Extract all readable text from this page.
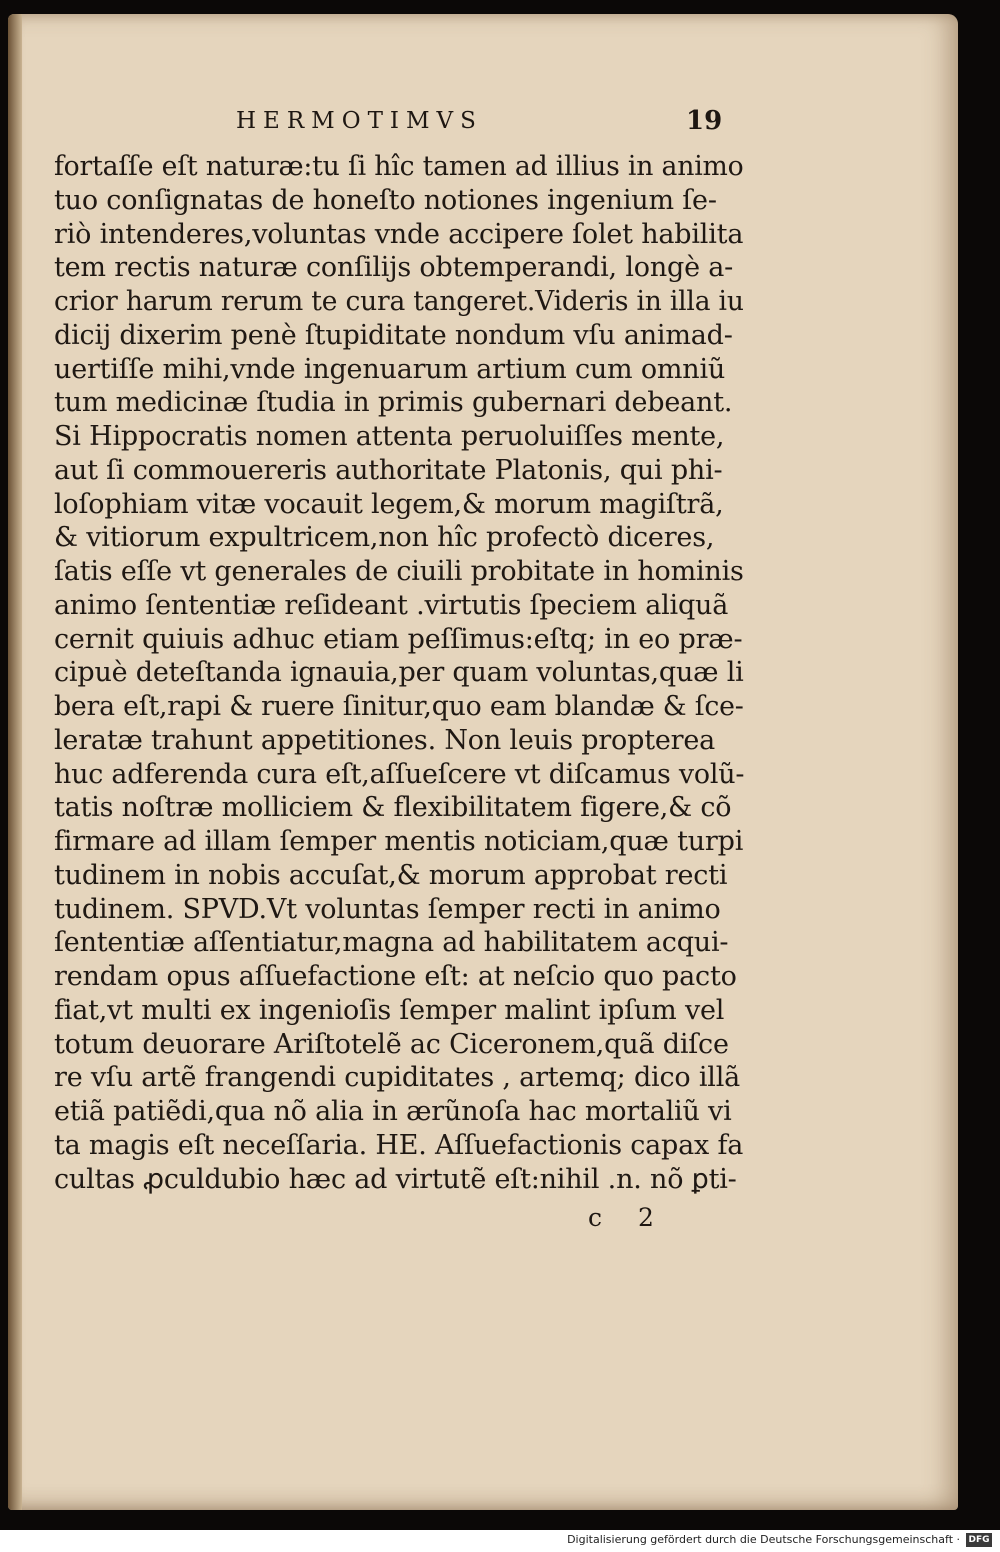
HERMOTIMVS	19
fortaſſe eſt naturæ:tu ſi hîc tamen ad illius in animo
tuo conſignatas de honeſto notiones ingenium ſe-
riò intenderes,voluntas vnde accipere ſolet habilita
tem rectis naturæ conſilijs obtemperandi, longè a-
crior harum rerum te cura tangeret.Videris in illa iu
dicij dixerim penè ſtupiditate nondum vſu animad-
uertiſſe mihi,vnde ingenuarum artium cum omniũ
tum medicinæ ſtudia in primis gubernari debeant.
Si Hippocratis nomen attenta peruoluiſſes mente,
aut ſi commouereris authoritate Platonis, qui phi-
loſophiam vitæ vocauit legem,& morum magiſtrã,
& vitiorum expultricem,non hîc profectò diceres,
ſatis eſſe vt generales de ciuili probitate in hominis
animo ſententiæ reſideant .virtutis ſpeciem aliquã
cernit quiuis adhuc etiam peſſimus:eſtq; in eo præ-
cipuè deteſtanda ignauia,per quam voluntas,quæ li
bera eſt,rapi & ruere ſinitur,quo eam blandæ & ſce-
leratæ trahunt appetitiones. Non leuis propterea
huc adferenda cura eſt,aſſueſcere vt diſcamus volũ-
tatis noſtræ molliciem & flexibilitatem figere,& cõ
firmare ad illam ſemper mentis noticiam,quæ turpi
tudinem in nobis accuſat,& morum approbat recti
tudinem. SPVD.Vt voluntas ſemper recti in animo
ſententiæ aſſentiatur,magna ad habilitatem acqui-
rendam opus aſſuefactione eſt: at neſcio quo pacto
fiat,vt multi ex ingenioſis ſemper malint ipſum vel
totum deuorare Ariſtotelẽ ac Ciceronem,quã diſce
re vſu artẽ frangendi cupiditates , artemq; dico illã
etiã patiẽdi,qua nõ alia in ærũnoſa hac mortaliũ vi
ta magis eſt neceſſaria. HE. Aſſuefactionis capax fa
cultas ꝓculdubio hæc ad virtutẽ eſt:nihil .n. nõ ꝑti-
c 2
Digitalisierung gefördert durch die Deutsche Forschungsgemeinschaft · DFG
